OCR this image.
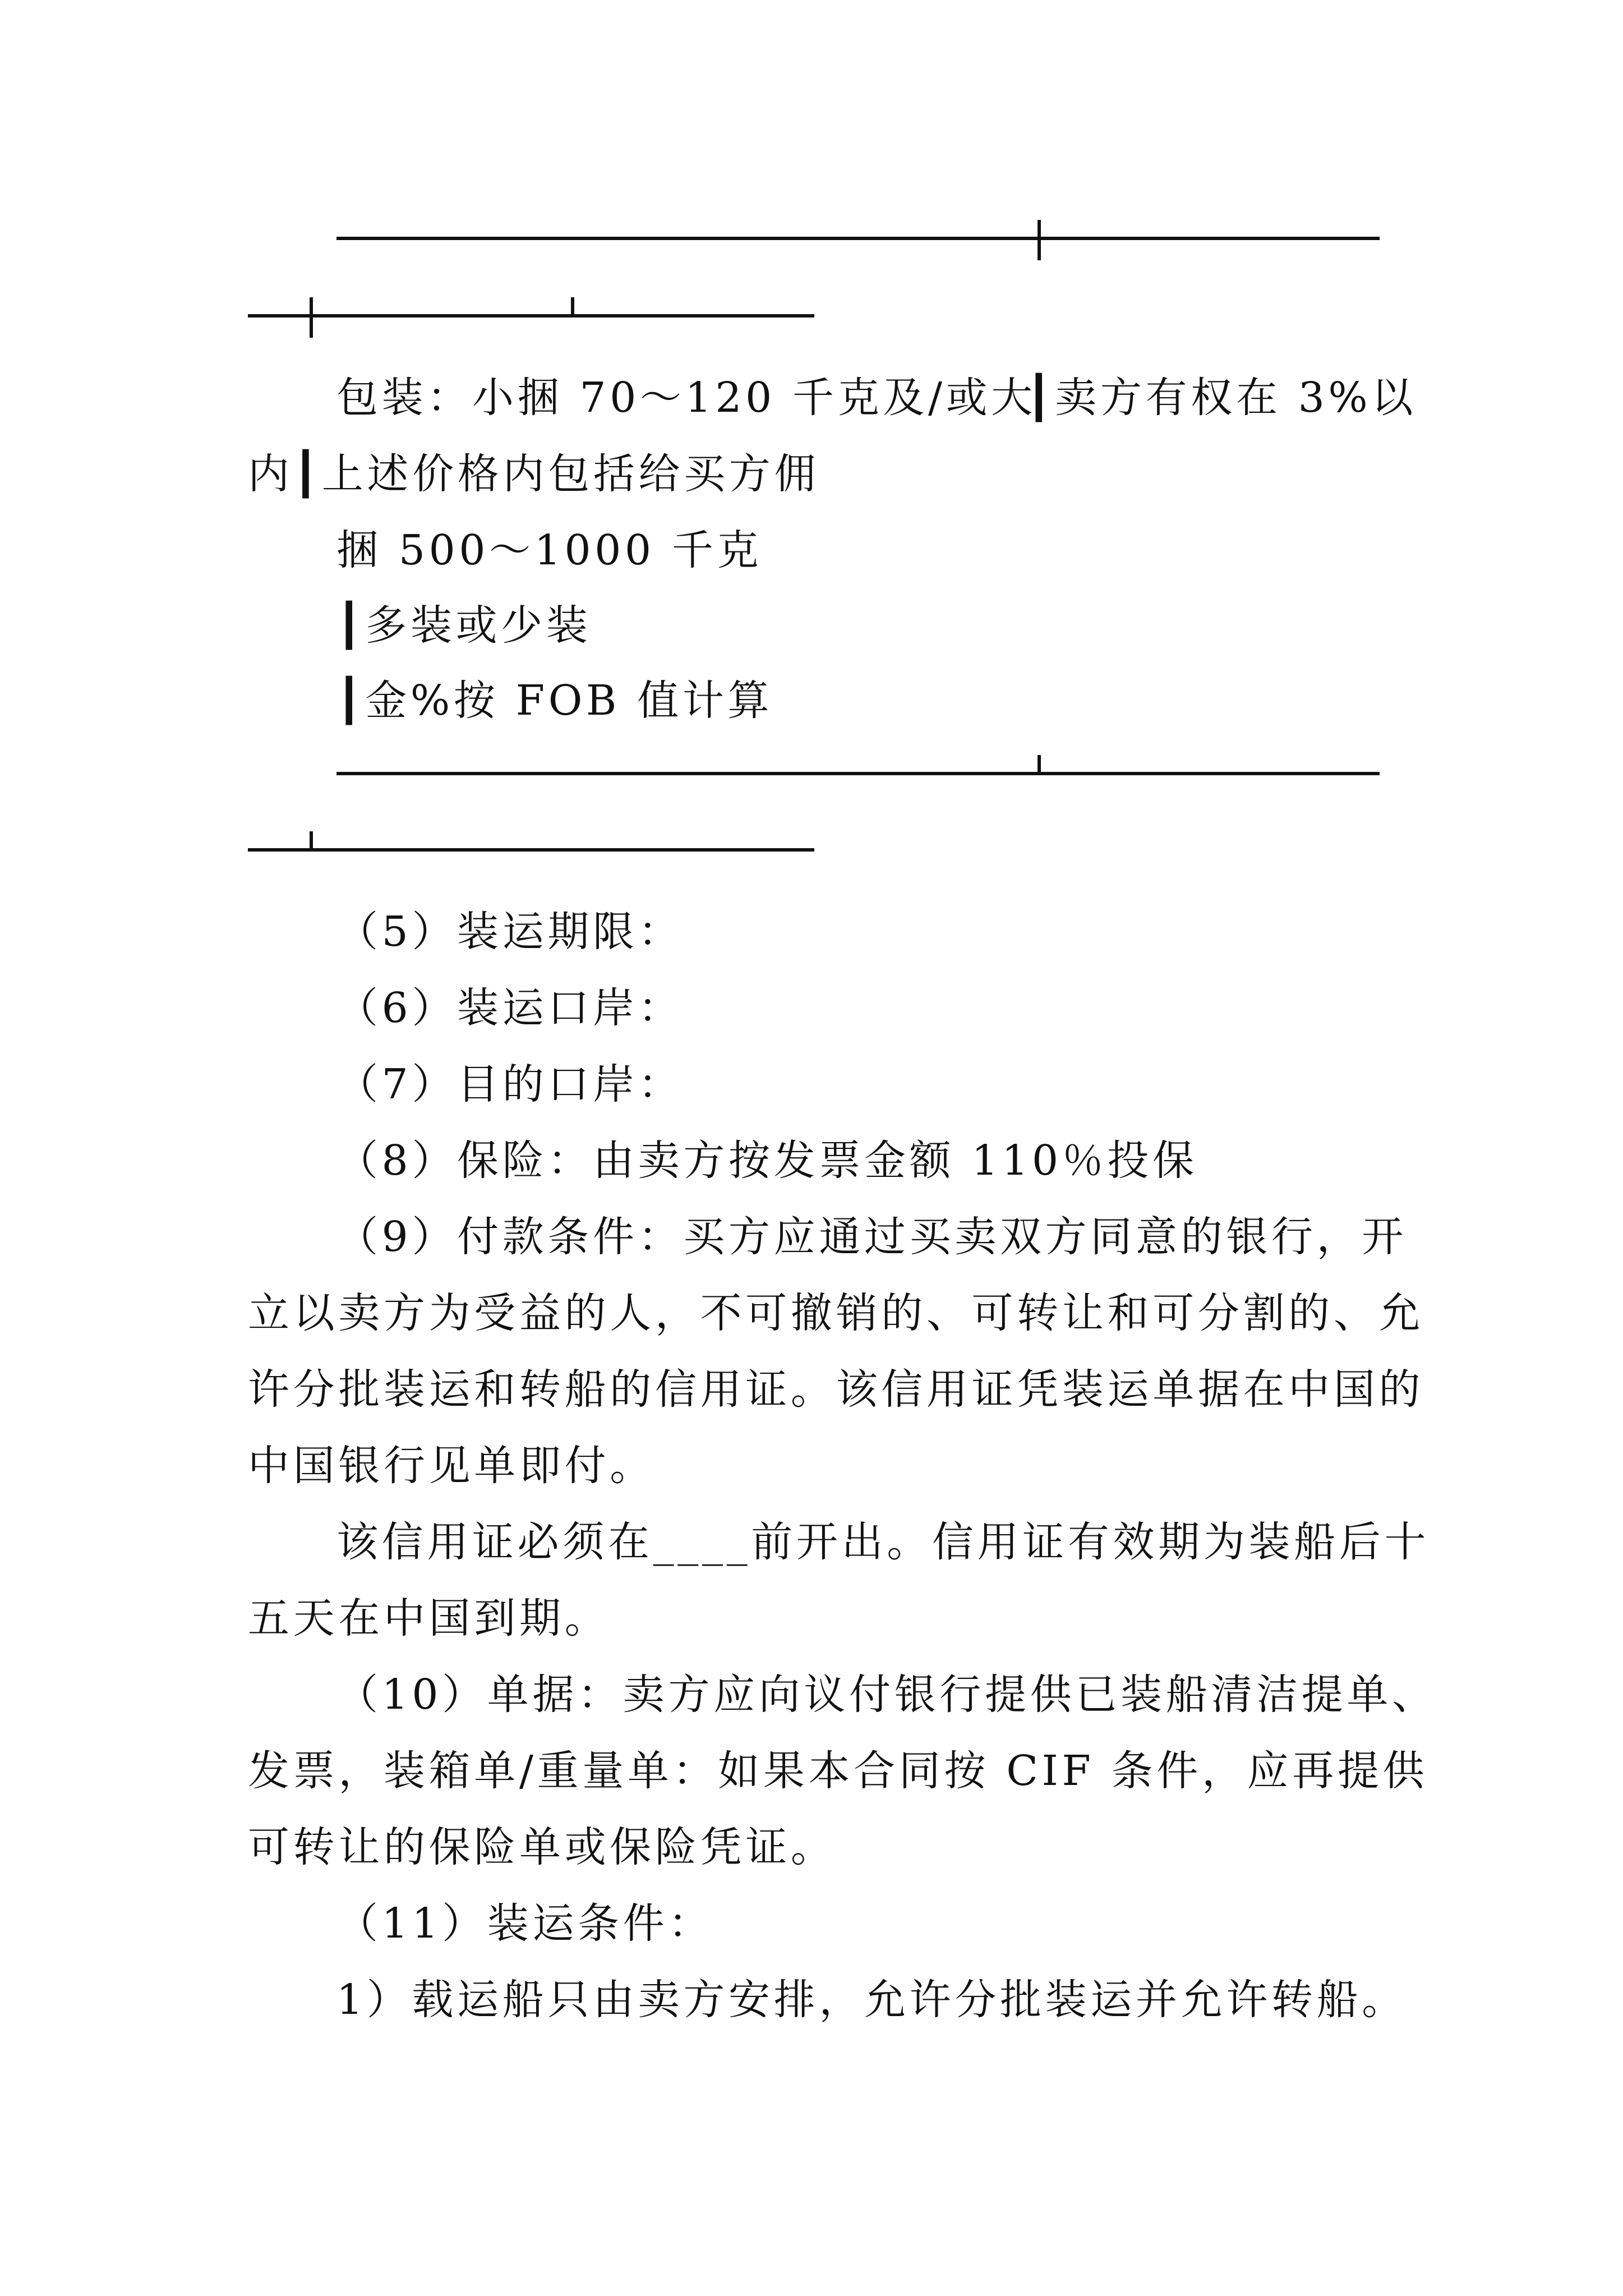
包装：小捆 70～120 千克及/或大
┃卖方有权在 3%以
内┃上述价格内包括给买方佣
捆 500～1000 千克
┃多装或少装
┃金%按 FOB 值计算
（5）装运期限：
（6）装运口岸：
（7）目的口岸：
（8）保险：由卖方按发票金额 110％投保
（9）付款条件：买方应通过买卖双方同意的银行，开
立以卖方为受益的人，不可撤销的、可转让和可分割的、允
许分批装运和转船的信用证。该信用证凭装运单据在中国的
中国银行见单即付。
该信用证必须在____前开出。信用证有效期为装船后十
五天在中国到期。
（10）单据：卖方应向议付银行提供已装船清洁提单、
发票，装箱单/重量单：如果本合同按 CIF 条件，应再提供
可转让的保险单或保险凭证。
（11）装运条件：
1）载运船只由卖方安排，允许分批装运并允许转船。
